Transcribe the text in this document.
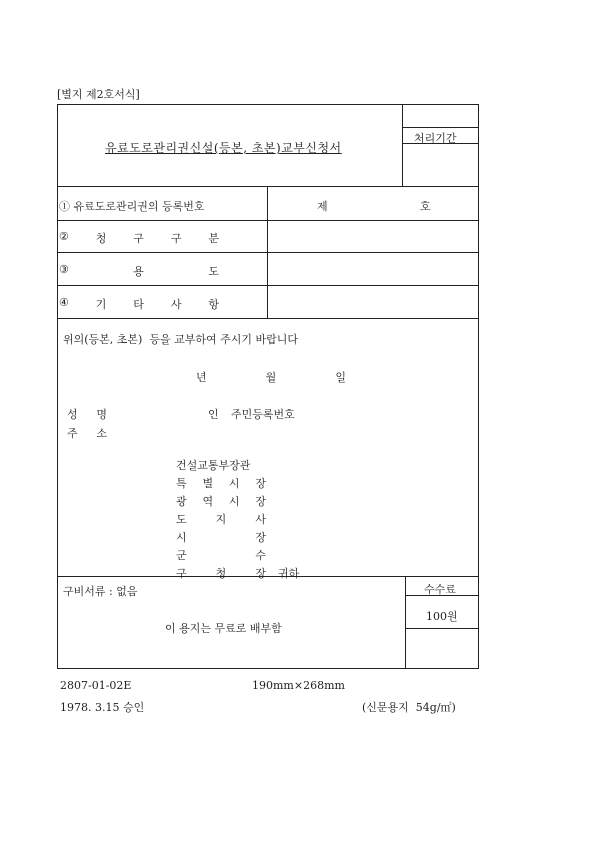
[별지 제2호서식]
유료도로관리권신설(등본, 초본)교부신청서
처리기간
① 유료도로관리권의 등록번호	제	호
② 청 구 구 분
③	용	도
④ 기 타 사 항
위의(등본, 초본)  등을 교부하여 주시기 바랍니다
년	월	일
성 명	인 주민등록번호
주 소
건설교통부장관
특 별 시 장
광 역 시 장
도	지	사
시	장
군	수
구	청	장 귀하
구비서류 : 없음
이 용지는 무료로 배부함
수수료
100원
2807-01-02E	190mm×268mm
1978. 3.15 승인	(신문용지  54g/㎡)
